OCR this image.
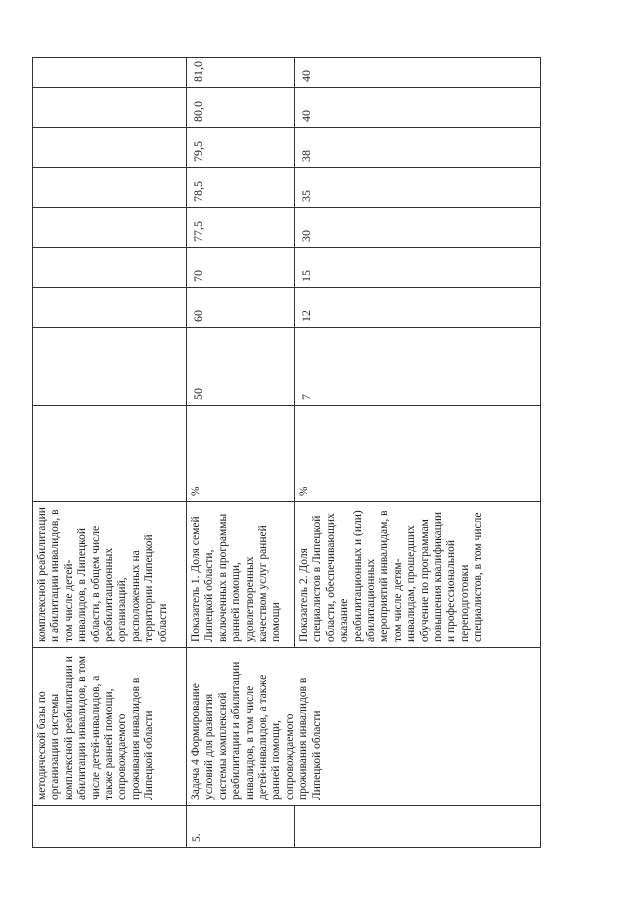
	методической базы по организации системы комплексной реабилитации и абилитации инвалидов, в том числе детей-инвалидов, а также ранней помощи, сопровождаемого проживания инвалидов в Липецкой области	комплексной реабилитации и абилитации инвалидов, в том числе детей-инвалидов, в Липецкой области, в общем числе реабилитационных организаций, расположенных на территории Липецкой области									
5.	Задача 4 Формирование условий для развития системы комплексной реабилитации и абилитации инвалидов, в том числе детей-инвалидов, а также ранней помощи, сопровождаемого проживания инвалидов в Липецкой области	Показатель 1. Доля семей Липецкой области, включенных в программы ранней помощи, удовлетворенных качеством услуг ранней помощи	%	50	60	70	77,5	78,5	79,5	80,0	81,0
		Показатель 2. Доля специалистов в Липецкой области, обеспечивающих оказание реабилитационных и (или) абилитационных мероприятий инвалидам, в том числе детям-инвалидам, прошедших обучение по программам повышения квалификации и профессиональной переподготовки специалистов, в том числе	%	7	12	15	30	35	38	40	40
